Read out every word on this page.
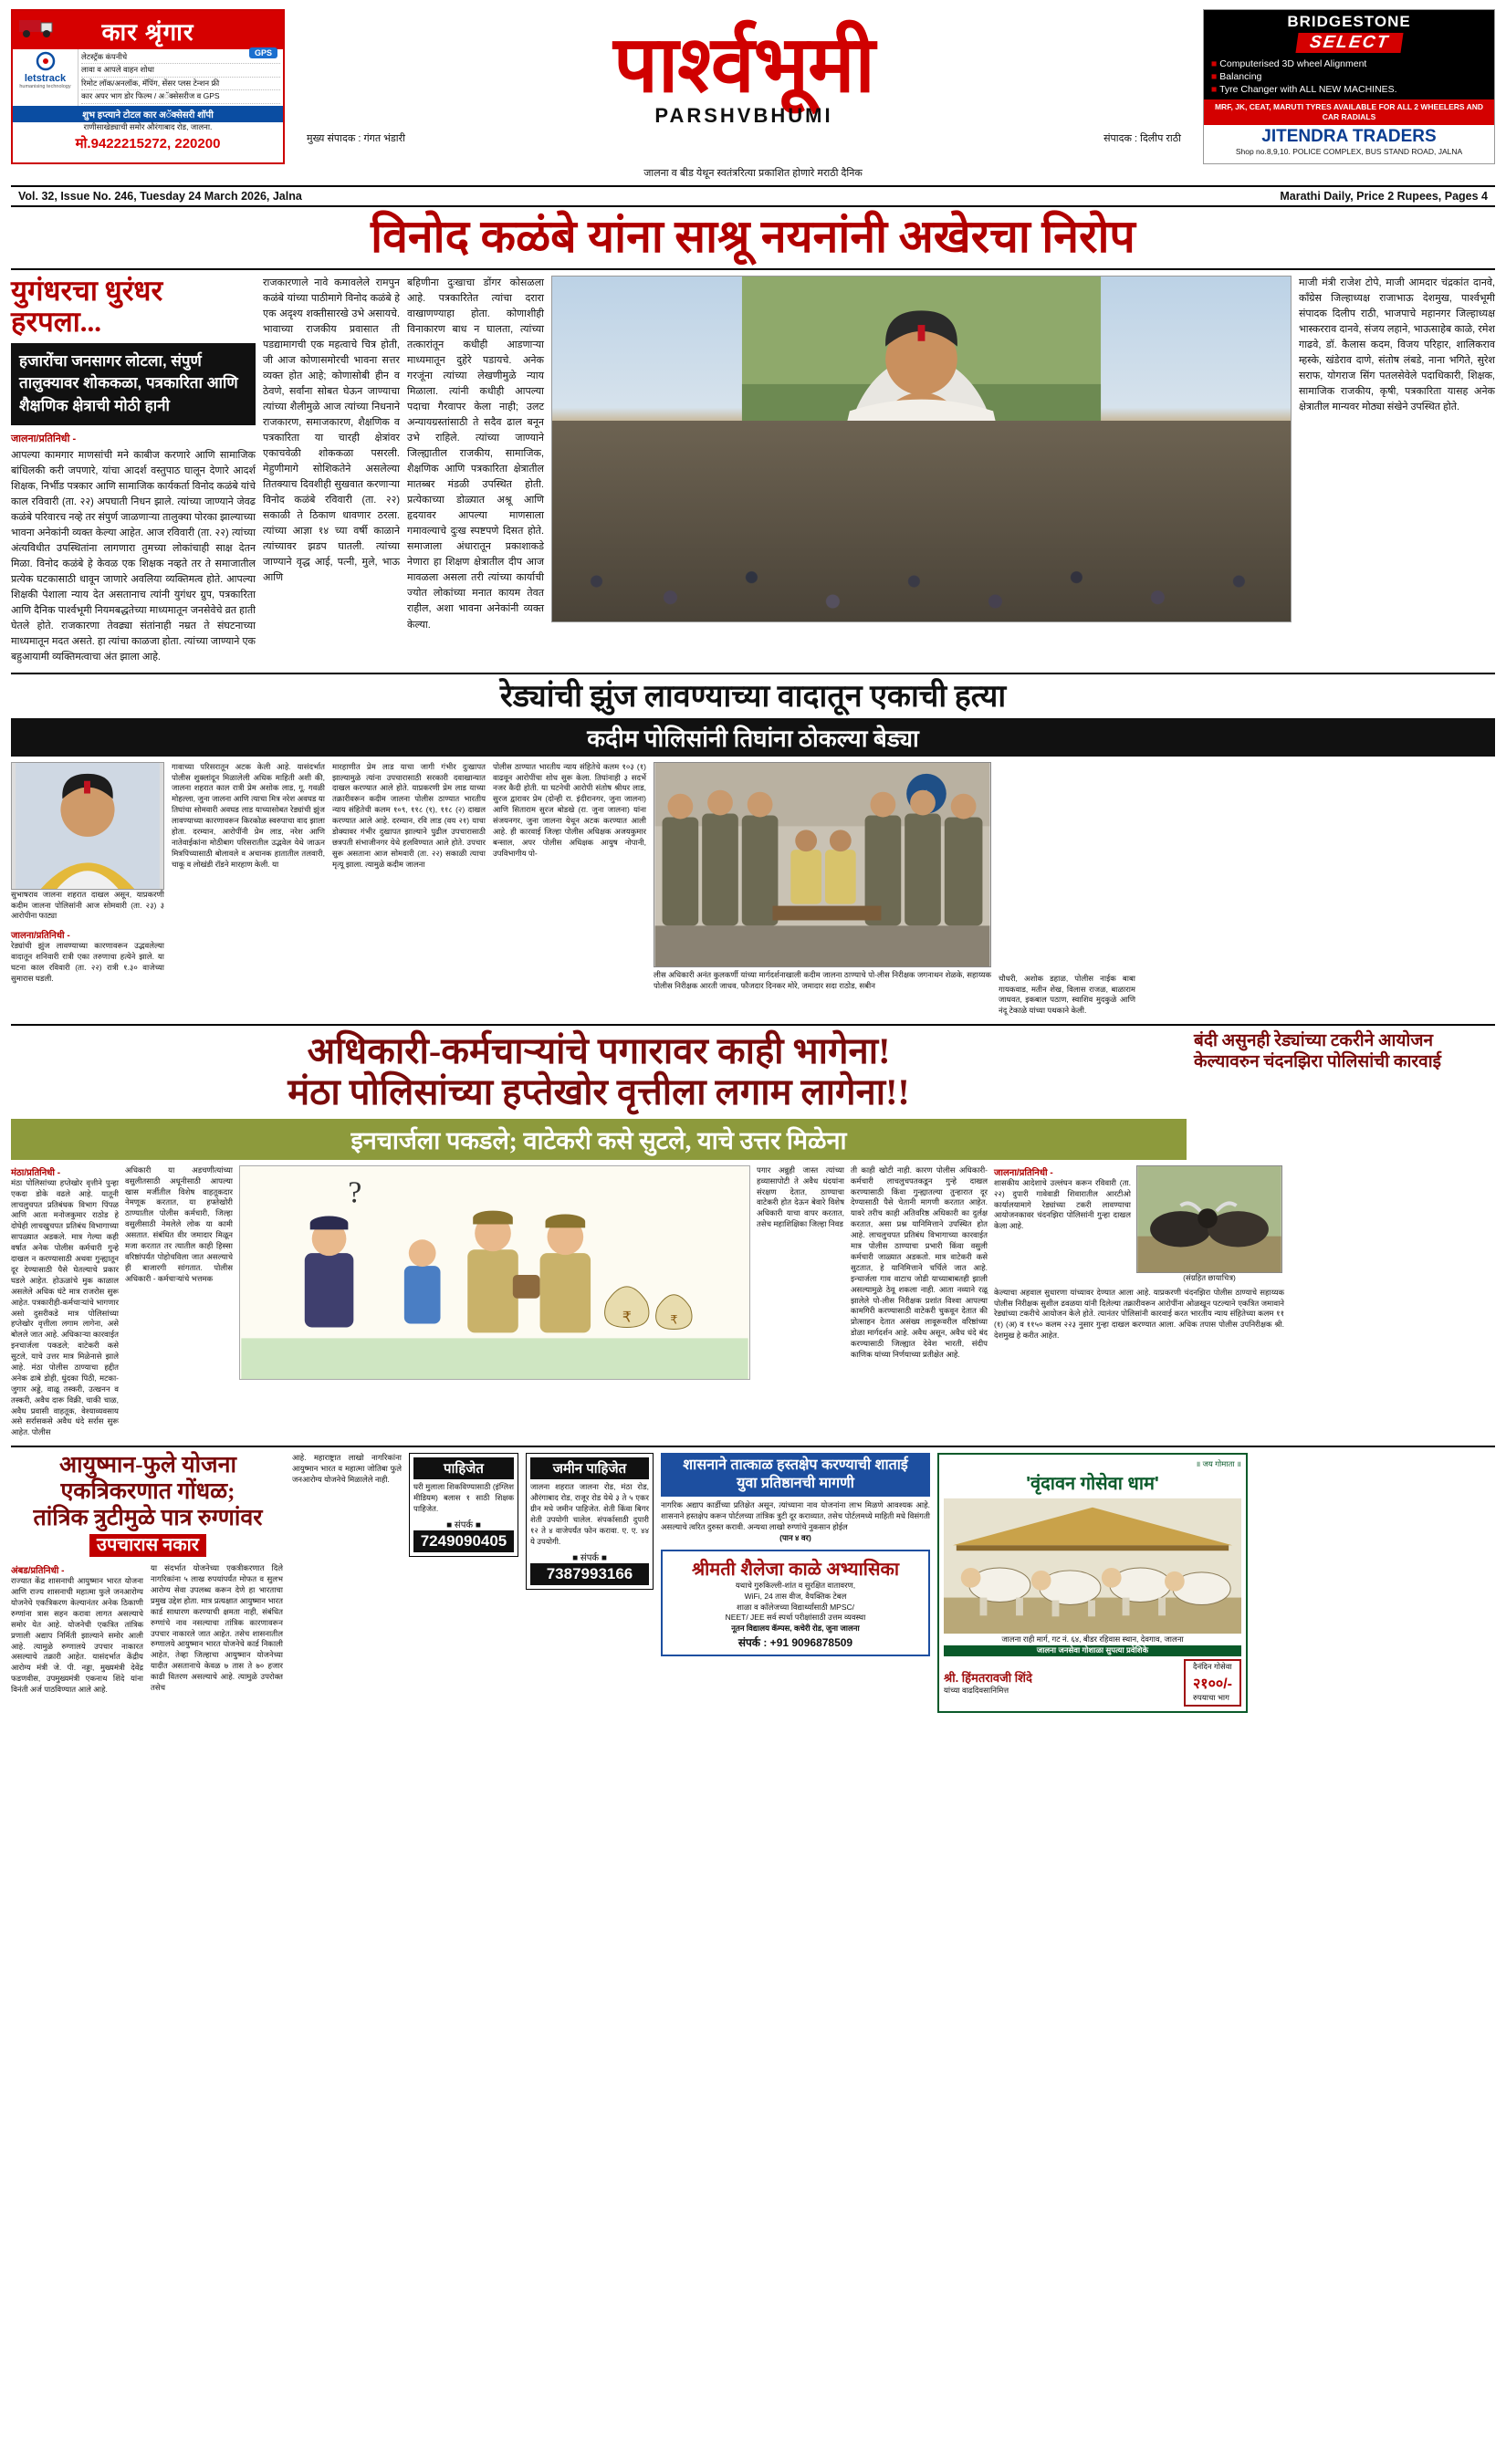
कार श्रृंगार
GPS
letstrack
humanising technology
लेटस्ट्रॅक कंपनीचे
लावा व आपले वाहन शोधा
रिमोट लॉक/अनलॉक, मॅपिंग, सेंसर प्लस टेन्शन फ्री
कार अपर भाग डोर फिल्म / अॅक्सेसरीज व GPS
शुभ हप्त्याने टोटल कार अॅक्सेसरी शॉपी
राणीसाखेड्याची समोर औरंगाबाद रोड, जालना.
मो.9422215272, 220200
पार्श्वभूमी
PARSHVBHUMI
मुख्य संपादक : गंगत भंडारी	संपादक : दिलीप राठी
BRIDGESTONE
SELECT
■ Computerised 3D wheel Alignment
■ Balancing
■ Tyre Changer with ALL NEW MACHINES.
MRF, JK, CEAT, MARUTI TYRES AVAILABLE FOR ALL 2 WHEELERS AND CAR RADIALS
JITENDRA TRADERS
Shop no.8,9,10. POLICE COMPLEX, BUS STAND ROAD, JALNA
जालना व बीड येथून स्वतंत्ररित्या प्रकाशित होणारे मराठी दैनिक
Vol. 32, Issue No. 246, Tuesday 24 March 2026, Jalna	Marathi Daily, Price 2 Rupees, Pages 4
विनोद कळंबे यांना साश्रू नयनांनी अखेरचा निरोप
युगंधरचा धुरंधर हरपला...
हजारोंचा जनसागर लोटला, संपुर्ण तालुक्यावर शोककळा, पत्रकारिता आणि शैक्षणिक क्षेत्राची मोठी हानी
जालना/प्रतिनिधी -
आपल्या कामगार माणसांची मने काबीज करणारे आणि सामाजिक बांधिलकी करी जपणारे, यांचा आदर्श वस्तुपाठ घालून देणारे आदर्श शिक्षक, निर्भीड पत्रकार आणि सामाजिक कार्यकर्ता विनोद कळंबे यांचे काल रविवारी (ता. २२) अपघाती निधन झाले. त्यांच्या जाण्याने जेवढ कळंबे परिवारच नव्हे तर संपुर्ण जाळणाऱ्या तालुक्या पोरका झाल्याच्या भावना अनेकांनी व्यक्त केल्या आहेत. आज रविवारी (ता. २२) त्यांच्या अंत्यविधीत उपस्थितांना लागणारा तुमच्या लोकांचाही साक्ष देतन मिळा. विनोद कळंबे हे केवळ एक शिक्षक नव्हते तर ते समाजातील प्रत्येक घटकासाठी धावून जाणारे अवलिया व्यक्तिमत्व होते. आपल्या शिक्षकी पेशाला न्याय देत असतानाच त्यांनी युगंधर ग्रुप, पत्रकारिता आणि दैनिक पार्श्वभूमी नियमबद्धतेच्या माध्यमातून जनसेवेचे व्रत हाती घेतले होते. राजकारणा तेवढ्या संतांनाही नम्रत ते संघटनाच्या माध्यमातून मदत असते. हा त्यांचा काळजा होता. त्यांच्या जाण्याने एक बहुआयामी व्यक्तिमत्वाचा अंत झाला आहे.
राजकारणाले नावे कमावलेले रामपुन कळंबे यांच्या पाठीमागे विनोद कळंबे हे एक अदृश्य शक्तीसारखे उभे असायचे. भावाच्या राजकीय प्रवासात ती पडद्यामागची एक महत्वाचे चित्र होती, जी आज कोणासमोरची भावना सत्तर व्यक्त होत आहे; कोणासोबी हीन व ठेवणे, सर्वांना सोबत घेऊन जाण्याचा त्यांच्या शैलीमुळे आज त्यांच्या निधनाने राजकारण, समाजकारण, शैक्षणिक व पत्रकारिता या चारही क्षेत्रांवर एकाचवेळी शोककळा पसरली. मेहुणीमागे सोशिकतेने असलेल्या तितक्याच दिवशीही सुखवात करणाऱ्या विनोद कळंबे रविवारी (ता. २२) सकाळी ते ठिकाण धावणार ठरला. त्यांच्या आज्ञा १४ च्या वर्षी काळाने त्यांच्यावर झडप घातली. त्यांच्या जाण्याने वृद्ध आई, पत्नी, मुले, भाऊ आणि
बहिणीना दुःखाचा डोंगर कोसळला आहे. पत्रकारितेत त्यांचा दरारा वाखाणण्याहा होता. कोणाशीही विनाकारण बाध न घालता, त्यांच्या तत्कारांतून कधीही आडणाऱ्या माध्यमातून दुहेरे पडायचे. अनेक गरजूंना त्यांच्या लेखणीमुळे न्याय मिळाला. त्यांनी कधीही आपल्या पदाचा गैरवापर केला नाही; उलट अन्यायग्रस्तांसाठी ते सदैव ढाल बनून उभे राहिले. त्यांच्या जाण्याने जिल्ह्यातील राजकीय, सामाजिक, शैक्षणिक आणि पत्रकारिता क्षेत्रातील मातब्बर मंडळी उपस्थित होती. प्रत्येकाच्या डोळ्यात अश्रू आणि हृदयावर आपल्या माणसाला गमावल्याचे दुःख स्पष्टपणे दिसत होते. समाजाला अंधारातून प्रकाशाकडे नेणारा हा शिक्षण क्षेत्रातील दीप आज मावळला असला तरी त्यांच्या कार्याची ज्योत लोकांच्या मनात कायम तेवत राहील, अशा भावना अनेकांनी व्यक्त केल्या.
माजी मंत्री राजेश टोपे, माजी आमदार चंद्रकांत दानवे, काँग्रेस जिल्हाध्यक्ष राजाभाऊ देशमुख, पार्श्वभूमी संपादक दिलीप राठी, भाजपाचे महानगर जिल्हाध्यक्ष भास्करराव दानवे, संजय लहाने, भाऊसाहेब काळे, रमेश गाढवे, डॉ. कैलास कदम, विजय परिहार, शालिकराव म्हस्के, खंडेराव दाणे, संतोष लंबडे, नाना भगिते, सुरेश सराफ, योगराज सिंग पतलसेवेले पदाधिकारी, शिक्षक, सामाजिक राजकीय, कृषी, पत्रकारिता यासह अनेक क्षेत्रातील मान्यवर मोठ्या संखेने उपस्थित होते.
रेड्यांची झुंज लावण्याच्या वादातून एकाची हत्या
कदीम पोलिसांनी तिघांना ठोकल्या बेड्या
सुभाषराव जालना शहरात दाखल असून, याप्रकरणी कदीम जालना पोलिसांनी आज सोमवारी (ता. २३) ३ आरोपीना फाट्या
जालना/प्रतिनिधी -
रेड्यांची झुंज लावण्याच्या कारणावरून उद्भवलेल्या वादातून शनिवारी रात्री एका तरुणाचा हत्येने झाले. या घटना काल रविवारी (ता. २२) रात्री १.३० वाजेच्या सुमारास घडली.
गावाच्या परिसरातून अटक केली आहे. यासंदर्भात पोलीस शुक्लांदून मिळालेली अधिक माहिती अशी की, जालना शहरात काल रात्री प्रेम अशोक लाड, गू. गवळी मोहल्ला, जुना जालना आणि त्याचा मित्र नरेश अवघड या तिघांचा सोमवारी अवघड लाड याच्यासोबत रेड्यांची झुंज लावण्याच्या कारणावरून किरकोळ स्वरुपाचा वाद झाला होता. दरम्यान, आरोपींनी प्रेम लाड, नरेश आणि नातेवाईकांना मोठीबाग परिसरातील उद्भवेल येथे जाऊन मित्रपिच्यासाठी बोलावले व अचानक हातातील तलवारी, चाकू व लोखंडी रॉडने मारहाण केली. या
मारहाणीत प्रेम लाड याचा जागी गंभीर दुःखापत झाल्यामुळे त्यांना उपचारासाठी सरकारी दवाखान्यात दाखल करण्यात आले होते. याप्रकरणी प्रेम लाड याच्या तक्रारीवरून कदीम जालना पोलीस ठाण्यात भारतीय न्याय संहितेची कलम १०९, ११८ (१), ११८ (२) दाखल करण्यात आले आहे. दरम्यान, रवि लाड (वय २१) याचा डोक्यावर गंभीर दुखापत झाल्याने पुढील उपचारासाठी छत्रपती संभाजीनगर येथे हलविण्यात आले होते. उपचार सुरू असताना आज सोमवारी (ता. २२) सकाळी त्याचा मृत्यू झाला. त्यामुळे कदीम जालना
पोलीस ठाण्यात भारतीय न्याय संहितेचे कलम १०३ (१) वाढवून आरोपींचा शोध सुरू केला. तिघांनाही ३ सदर्भे नजर कैदी होती. या घटनेची आरोपी संतोष श्रीधर लाड, सुरज द्वारावर प्रेम (दोन्ही रा. इंदीरानगर, जुना जालना) आणि सिताराम सुरज बोडखे (रा. जुना जालना) यांना संजयनगर, जुना जालना येथून अटक करण्यात आली आहे. ही कारवाई जिल्हा पोलीस अधिक्षक अजयकुमार बन्साल, अपर पोलीस अधिक्षक आयुष नोपानी, उपविभागीय पो-
लीस अधिकारी अनंत कुलकर्णी यांच्या मार्गदर्शनाखाली कदीम जालना ठाण्याचे पो-लीस निरीक्षक जगनाथन शेळके, सहाय्यक पोलीस निरीक्षक आरती जाधव, फौजदार दिनकर मोरे, जमादार सदा राठोड, सबीन
चौधरी, अशोक डहाळ, पोलीस नाईक बाबा गायकवाड, मतीन शेख, विलास राजळ, बाळाराम जाधवत, इकबाल पठाण, स्वाशिव मुदकुळे आणि नंदू टेकाळे यांच्या पथकाने केली.
अधिकारी-कर्मचाऱ्यांचे पगारावर काही भागेना!
मंठा पोलिसांच्या हप्तेखोर वृत्तीला लगाम लागेना!!
इनचार्जला पकडले; वाटेकरी कसे सुटले, याचे उत्तर मिळेना
बंदी असुनही रेड्यांच्या टकरीने आयोजन केल्यावरुन चंदनझिरा पोलिसांची कारवाई
मंठा/प्रतिनिधी -
मंठा पोलिसांच्या हप्तेखोर वृत्तीने पुन्हा एकदा डोके वढले आहे. यातूनी लाचलुचपत प्रतिबंधक विभाग पिंपळ आणि आता मनोजकुमार राठोड हे दोघेही लाचखुचपत प्रतिबंध विभागाच्या सापळ्यात अडकले. मात्र गेल्या कही वर्षात अनेक पोलीस कर्मचारी गुन्हे दाखल न करण्यासाठी अथवा गुन्ह्यातून दूर देण्यासाठी पैसे घेतल्याचे प्रकार घडले आहेत. होऊळांचे मुक काळाल असलेले अधिक घंटे मात्र राजरोस सुरू आहेत. पत्रकारीही-कर्मचाऱ्यांचे भागणार असो दुसरीकडे मात्र पोलिसांच्या हप्तेखोर वृत्तीला लगाम लागेना, असे बोलले जात आहे. अधिकाऱ्या कारवाईत इनचार्जला पकडले; वाटेकरी कसे सुटले, याचे उत्तर मात्र मिळेनासे झाले आहे. मंठा पोलीस ठाण्याचा हद्दीत अनेक ढाबे डोही, धुंदका पिठी, मटका-जुगार अड्डे, वाळू तस्करी, उत्खनन व तस्करी, अवैध दारू विक्री, चाकी चाळ, अवैध प्रवासी वाहतूक, वेश्याव्यवसाय असे सर्रासकसे अवैध धंदे सर्रास सुरू आहेत. पोलीस
अधिकारी या अडचणीत्यांच्या वसुलीतसाठी अधूनीसाठी आपल्या खास मर्जीतील विशेष वाहतूकदार नेमणूक करतात, या हफ्तेखोरी ठाण्यातील पोलीस कर्मचारी, जिल्हा वसुलीसाठी नेमलेले लोक या कामी असतात. संबंधित वीर जमादार मिळून मजा करतात तर त्यातील काही हिस्सा वरिष्ठांपर्यंत पोहोचविला जात असल्याचे ही बाजारगी सांगतात. पोलीस अधिकारी - कर्मचाऱ्यांचे भत्तमक
?
₹	₹
पगार अन्नुही जास्त त्यांच्या हव्यासापोटी ते अवैध धंदयांना संरक्षण देतात, ठाण्याचा वाटेकरी होत देऊन बेवारे विशेष अधिकारी याचा वापर करतात, तसेच महाशिक्षिका जिल्हा निवड
ती काही खोटी नाही. कारण पोलीस अधिकारी-कर्मचारी लाचलुचपतकडून गुन्हे दाखल करण्यासाठी किंवा गुन्ह्यातल्या तुन्हारात दूर देण्यासाठी पैसे चेतानी मागणी करतात आहेत. यावरे तरीच काही अतिवरिष्ठ अधिकारी का दुर्लक्ष करतात, असा प्रश्न यानिमित्ताने उपस्थित होत आहे. लाचलुचपत प्रतिबंध विभागाच्या कारवाईत मात्र पोलीस ठाण्याचा प्रभारी किंवा वसुली कर्मचारी जाळ्यात अडकतो. मात्र वाटेकरी कसे सुटतात, हे यानिमित्ताने चर्चिले जात आहे. इन्चार्जला गाव वाटाच जोडी याच्याबाबतही झाली असल्यामुळे ठेवू शकला नाही. आता नव्याने रळू झालेले पो-लीस निरीक्षक प्रशांत विश्वा आपल्या कामगिरी करण्यासाठी वाटेकरी चुकवून देतात की प्रोत्साहन देतात असंख्य लावूरूवरील वरिष्ठांच्या डोळा मार्गदर्शन आहे. अवैध असून, अवैध धंदे बंद करण्यासाठी जिल्ह्यात देवेश भारती, संदीप काणिक यांच्या निर्णयाच्या प्रतीक्षेत आहे.
जालना/प्रतिनिधी -
शासकीय आदेशाचे उल्लंघन करून रविवारी (ता. २२) दुपारी गावेवाडी शिवारातील आरटीओ कार्यालयामागे रेड्यांच्या टकरी लावण्याचा आयोजनकावर चंदनझिरा पोलिसांनी गुन्हा दाखल केला आहे.
(संग्रहित छायाचित्र)
केल्याचा अहवाल सुधारणा यांच्यावर देण्यात आला आहे. याप्रकरणी चंदनझिरा पोलीस ठाण्याचे सहाय्यक पोलीस निरीक्षक सुशील ढवळया यांनी दिलेल्या तक्रारीवरून आरोपींना ओळखून पटल्याने एकत्रित जमावाने रेड्यांच्या टकरीचे आयोजन केले होते. त्यानंतर पोलिसांनी कारवाई करत भारतीय न्याय संहितेच्या कलम ११ (१) (अ) व ११५० कलम २२३ नुसार गुन्हा दाखल करण्यात आला. अधिक तपास पोलीस उपनिरीक्षक श्री. देशमुख हे करीत आहेत.
आयुष्मान-फुले योजना एकत्रिकरणात गोंधळ;
तांत्रिक त्रुटीमुळे पात्र रुग्णांवर उपचारास नकार
अंबड/प्रतिनिधी -
राज्यात केंद्र शासनाची आयुष्मान भारत योजना आणि राज्य शासनाची महात्मा फुले जनआरोग्य योजनेचे एकत्रिकरण केल्यानंतर अनेक ठिकाणी रुग्णांना त्रास सहन करावा लागत असल्याचे समोर येत आहे. योजनेची एकत्रित तांत्रिक प्रणाली अद्याप निर्मिती झाल्याने समोर आली आहे. त्यामुळे रुग्णालये उपचार नाकारत असल्याचे तक्रारी आहेत. यासंदर्भात केंद्रीय आरोग्य मंत्री जे. पी. नड्डा, मुख्यमंत्री देवेंद्र फडणवीस, उपमुख्यमंत्री एकनाथ शिंदे यांना विनंती अर्ज पाठविण्यात आले आहे.
या संदर्भात योजनेच्या एकत्रीकरणात दिले नागरिकांना ५ लाख रुपयांपर्यंत मोफत व सुलभ आरोग्य सेवा उपलब्ध करून देणे हा भारताचा प्रमुख उद्देश होता. मात्र प्रत्यक्षात आयुष्मान भारत कार्ड साधारण करण्याची क्षमता नाही, संबंधित रुग्णांचे नाव नसल्याचा तांत्रिक कारणावरून उपचार नाकारले जात आहेत. तसेच शासनातील रुग्णालये आयुष्मान भारत योजनेचे कार्ड निकाली आहेत, तेव्हा जिल्हाचा आयुष्मान योजनेच्या यादीत असतानाचे केवळ ७ तास ते ७० हजार काढी वितरण असल्याचे आहे. त्यामुळे उपरोक्त तसेच
आहे. महाराष्ट्रात लाखो नागरिकांना आयुष्मान भारत व महात्मा जोतिबा फुले जनआरोग्य योजनेचे मिळालेले नाही.
पाहिजेत
घरी मुलाला शिकविण्यासाठी (इंग्लिश मीडियम) बलास १ साठी शिक्षक पाहिजेत.
■ संपर्क ■
7249090405
जमीन पाहिजेत
जालना शहरात जालना रोड, मंठा रोड, औरंगाबाद रोड, राजूर रोड येथे ३ ते ५ एकर ग्रीन मधे जमीन पाहिजेत. शेती किंवा बिगर शेती उपयोगी चालेल. संपर्कासाठी दुपारी १२ ते ४ वाजेपर्यंत फोन करावा. ए. ए. ४४ ये उपयोगी.
■ संपर्क ■
7387993166
शासनाने तात्काळ हस्तक्षेप करण्याची शाताई
युवा प्रतिष्ठानची मागणी
नागरिक अद्याप कार्डीच्या प्रतिक्षेत असून, त्यांच्याना नाव योजनांना लाभ मिळणे आवश्यक आहे. शासनाने हस्तक्षेप करून पोर्टलच्या तांत्रिक त्रुटी दूर कराव्यात, तसेच पोर्टलमध्ये माहिती मधे विसंगती असल्याचे त्वरित दुरुस्त करावी. अन्यथा लाखो रुग्णांचे नुकसान होईल
(पान ४ वर)
श्रीमती शैलेजा काळे अभ्यासिका
यथाचे गुरुकिल्ली-शांत व सुरक्षित वातावरण,
WiFi, 24 तास वीज, वैयक्तिक टेबल
शाळा व कॉलेजच्या विद्यार्थ्यांसाठी MPSC/
NEET/ JEE सर्व स्पर्धा परीक्षांसाठी उत्तम व्यवस्था
नूतन विद्यालय कॅम्पस, कचेरी रोड, जुना जालना
संपर्क : +91 9096878509
॥ जय गोमाता ॥
'वृंदावन गोसेवा धाम'
जालना राही मार्ग, गट नं. ६४, बीडर रहिवास स्थान, देवगाव, जालना
जालना जनसेवा गोशाळा सुपत्या प्रवेशिके
श्री. हिंमतरावजी शिंदे
यांच्या वाढदिवसानिमित्त
दैनंदिन गोसेवा
२१००/-
रुपयाचा भाग
